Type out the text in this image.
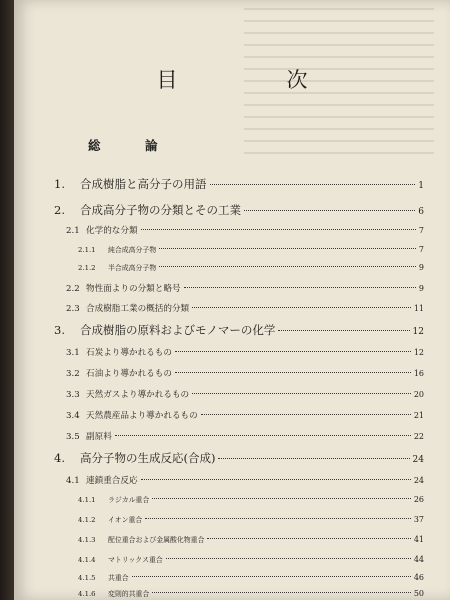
目　次
総　論
1.	合成樹脂と高分子の用語	1
2.	合成高分子物の分類とその工業	6
2.1 化学的な分類	7
2.1.1	純合成高分子物	7
2.1.2	半合成高分子物	9
2.2 物性面よりの分類と略号	9
2.3 合成樹脂工業の概括的分類	11
3.	合成樹脂の原料およびモノマーの化学	12
3.1 石炭より導かれるもの	12
3.2 石油より導かれるもの	16
3.3 天然ガスより導かれるもの	20
3.4 天然農産品より導かれるもの	21
3.5 副原料	22
4.	高分子物の生成反応(合成)	24
4.1 連鎖重合反応	24
4.1.1	ラジカル重合	26
4.1.2	イオン重合	37
4.1.3	配位重合および金属酸化物重合	41
4.1.4	マトリックス重合	44
4.1.5	共重合	46
4.1.6	変則的共重合	50
